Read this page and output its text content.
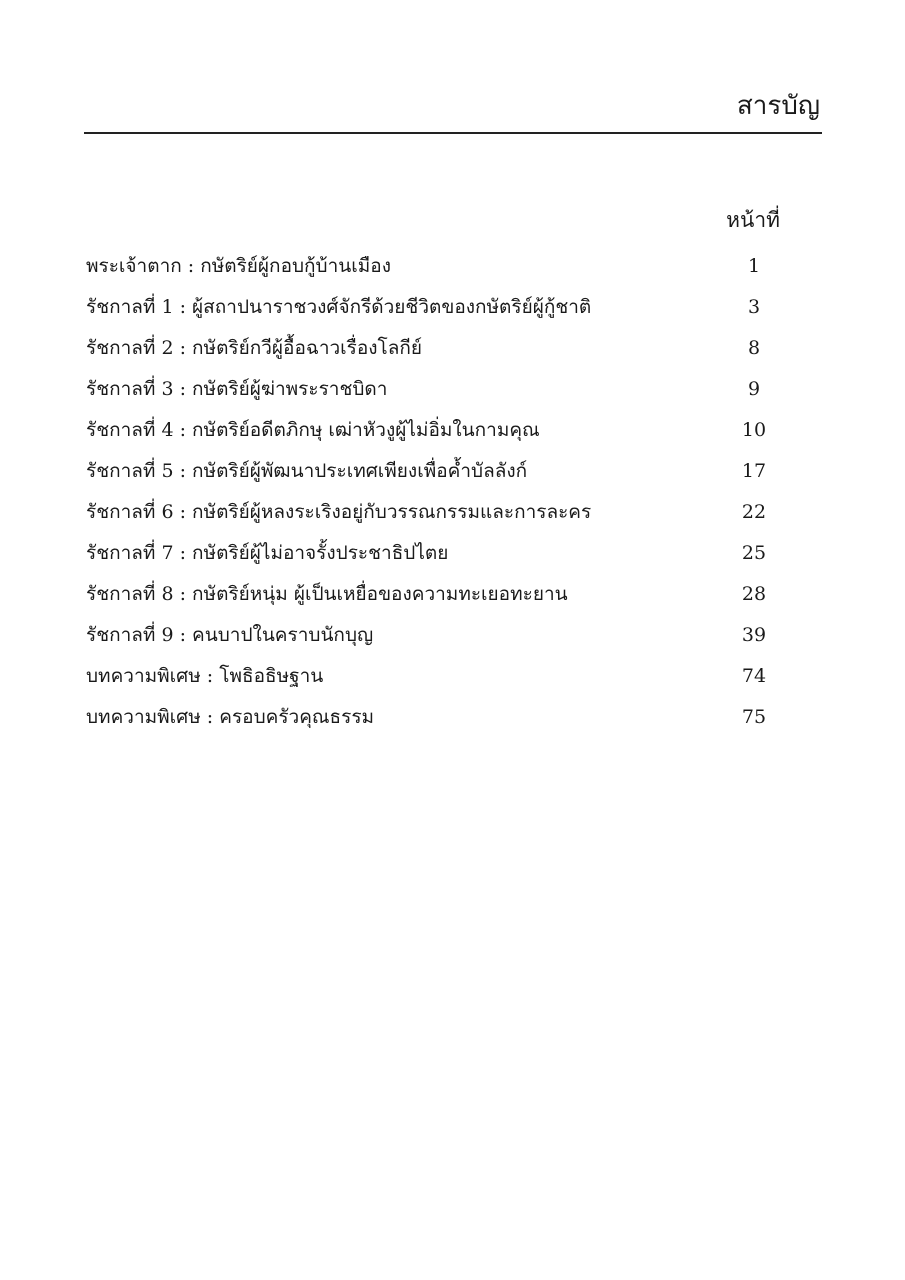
สารบัญ
หน้าที่
พระเจ้าตาก : กษัตริย์ผู้กอบกู้บ้านเมือง	1
รัชกาลที่ 1 : ผู้สถาปนาราชวงศ์จักรีด้วยชีวิตของกษัตริย์ผู้กู้ชาติ	3
รัชกาลที่ 2 : กษัตริย์กวีผู้อื้อฉาวเรื่องโลกีย์	8
รัชกาลที่ 3 : กษัตริย์ผู้ฆ่าพระราชบิดา	9
รัชกาลที่ 4 : กษัตริย์อดีตภิกษุ เฒ่าหัวงูผู้ไม่อิ่มในกามคุณ	10
รัชกาลที่ 5 : กษัตริย์ผู้พัฒนาประเทศเพียงเพื่อค้ำบัลลังก์	17
รัชกาลที่ 6 : กษัตริย์ผู้หลงระเริงอยู่กับวรรณกรรมและการละคร	22
รัชกาลที่ 7 : กษัตริย์ผู้ไม่อาจรั้งประชาธิปไตย	25
รัชกาลที่ 8 : กษัตริย์หนุ่ม ผู้เป็นเหยื่อของความทะเยอทะยาน	28
รัชกาลที่ 9 : คนบาปในคราบนักบุญ	39
บทความพิเศษ : โพธิอธิษฐาน	74
บทความพิเศษ : ครอบครัวคุณธรรม	75
